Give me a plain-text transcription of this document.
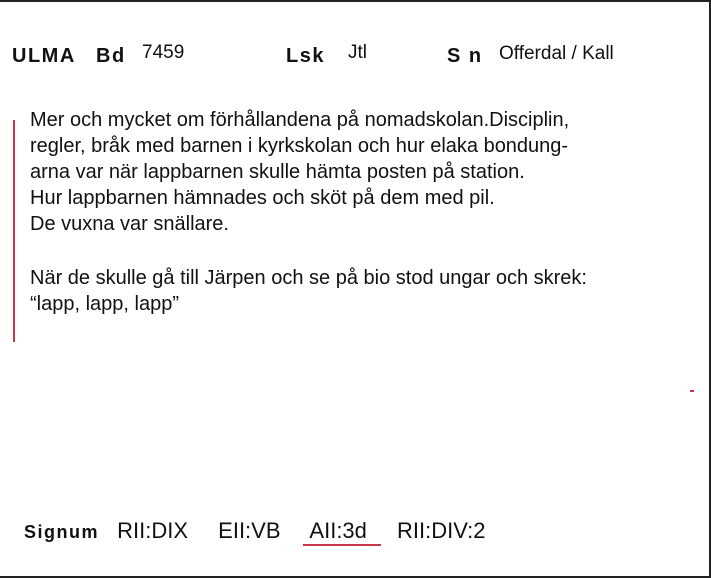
ULMA Bd 7459	Lsk Jtl	S n Offerdal / Kall
Mer och mycket om förhållandena på nomadskolan.Disciplin,
regler, bråk med barnen i kyrkskolan och hur elaka bondung-
arna var när lappbarnen skulle hämta posten på station.
Hur lappbarnen hämnades och sköt på dem med pil.
De vuxna var snällare.
När de skulle gå till Järpen och se på bio stod ungar och skrek:
“lapp, lapp, lapp”
Signum RII:DIX EII:VB AII:3d RII:DIV:2
